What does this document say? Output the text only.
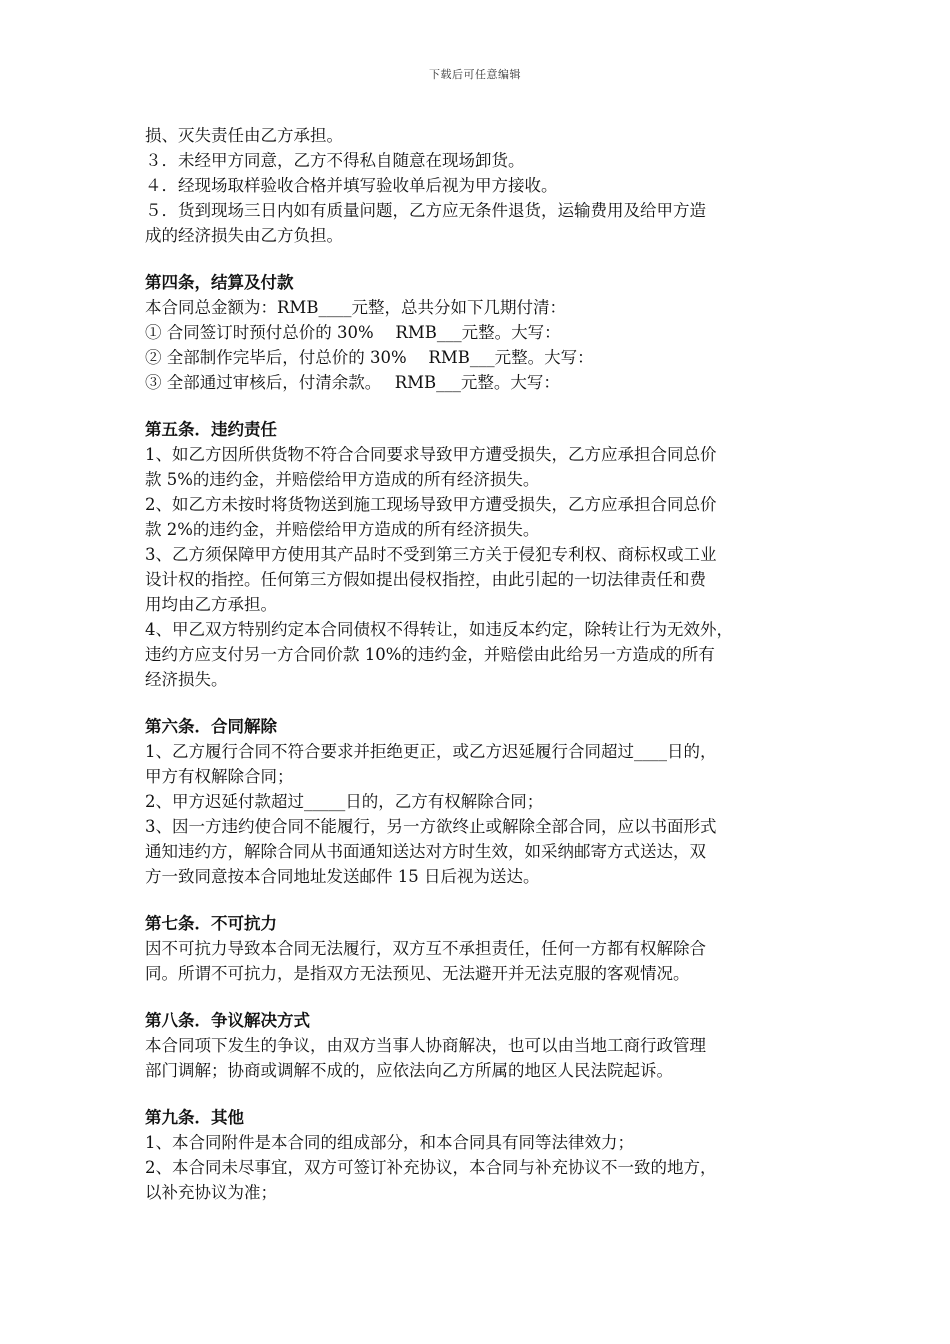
下载后可任意编辑
损、灭失责任由乙方承担。
３．未经甲方同意，乙方不得私自随意在现场卸货。
４．经现场取样验收合格并填写验收单后视为甲方接收。
５．货到现场三日内如有质量问题，乙方应无条件退货，运输费用及给甲方造
成的经济损失由乙方负担。
第四条，结算及付款
本合同总金额为：RMB____元整，总共分如下几期付清：
① 合同签订时预付总价的 30%　 RMB___元整。大写：
② 全部制作完毕后，付总价的 30%　 RMB___元整。大写：
③ 全部通过审核后，付清余款。　 RMB___元整。大写：
第五条．违约责任
1、如乙方因所供货物不符合合同要求导致甲方遭受损失，乙方应承担合同总价
款 5%的违约金，并赔偿给甲方造成的所有经济损失。
2、如乙方未按时将货物送到施工现场导致甲方遭受损失，乙方应承担合同总价
款 2%的违约金，并赔偿给甲方造成的所有经济损失。
3、乙方须保障甲方使用其产品时不受到第三方关于侵犯专利权、商标权或工业
设计权的指控。任何第三方假如提出侵权指控，由此引起的一切法律责任和费
用均由乙方承担。
4、甲乙双方特别约定本合同债权不得转让，如违反本约定，除转让行为无效外，
违约方应支付另一方合同价款 10%的违约金，并赔偿由此给另一方造成的所有
经济损失。
第六条．合同解除
1、乙方履行合同不符合要求并拒绝更正，或乙方迟延履行合同超过____日的，
甲方有权解除合同；
2、甲方迟延付款超过_____日的，乙方有权解除合同；
3、因一方违约使合同不能履行，另一方欲终止或解除全部合同，应以书面形式
通知违约方，解除合同从书面通知送达对方时生效，如采纳邮寄方式送达，双
方一致同意按本合同地址发送邮件 15 日后视为送达。
第七条．不可抗力
因不可抗力导致本合同无法履行，双方互不承担责任，任何一方都有权解除合
同。所谓不可抗力，是指双方无法预见、无法避开并无法克服的客观情况。
第八条．争议解决方式
本合同项下发生的争议，由双方当事人协商解决，也可以由当地工商行政管理
部门调解；协商或调解不成的，应依法向乙方所属的地区人民法院起诉。
第九条．其他
1、本合同附件是本合同的组成部分，和本合同具有同等法律效力；
2、本合同未尽事宜，双方可签订补充协议，本合同与补充协议不一致的地方，
以补充协议为准；
